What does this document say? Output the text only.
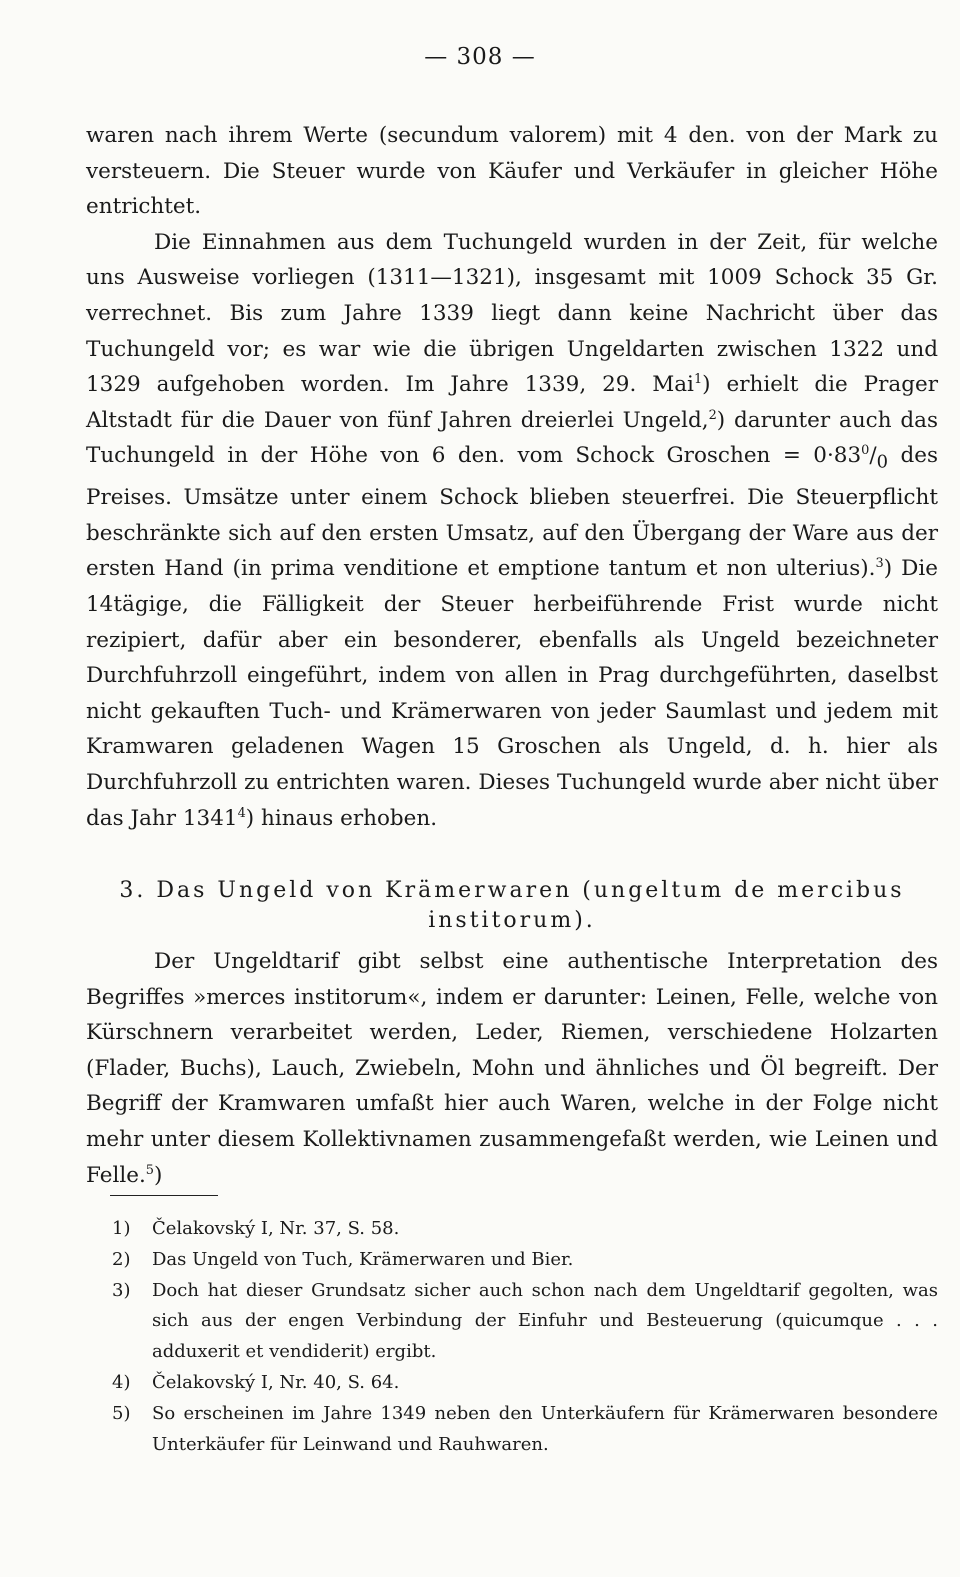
— 308 —

waren nach ihrem Werte (secundum valorem) mit 4 den. von der Mark zu versteuern. Die Steuer wurde von Käufer und Verkäufer in gleicher Höhe entrichtet.

Die Einnahmen aus dem Tuchungeld wurden in der Zeit, für welche uns Ausweise vorliegen (1311—1321), insgesamt mit 1009 Schock 35 Gr. verrechnet. Bis zum Jahre 1339 liegt dann keine Nachricht über das Tuchungeld vor; es war wie die übrigen Ungeldarten zwischen 1322 und 1329 aufgehoben worden. Im Jahre 1339, 29. Mai$^1$) erhielt die Prager Altstadt für die Dauer von fünf Jahren dreierlei Ungeld,$^2$) darunter auch das Tuchungeld in der Höhe von 6 den. vom Schock Groschen = $0\cdot 83^0/_0$ des Preises. Umsätze unter einem Schock blieben steuerfrei. Die Steuerpflicht beschränkte sich auf den ersten Umsatz, auf den Übergang der Ware aus der ersten Hand (in prima venditione et emptione tantum et non ulterius).$^3$) Die 14tägige, die Fälligkeit der Steuer herbeiführende Frist wurde nicht rezipiert, dafür aber ein besonderer, ebenfalls als Ungeld bezeichneter Durchfuhrzoll eingeführt, indem von allen in Prag durchgeführten, daselbst nicht gekauften Tuch- und Krämerwaren von jeder Saumlast und jedem mit Kramwaren geladenen Wagen 15 Groschen als Ungeld, d. h. hier als Durchfuhrzoll zu entrichten waren. Dieses Tuchungeld wurde aber nicht über das Jahr 1341$^4$) hinaus erhoben.

3. Das Ungeld von Krämerwaren (ungeltum de mercibus institorum).

Der Ungeldtarif gibt selbst eine authentische Interpretation des Begriffes »merces institorum«, indem er darunter: Leinen, Felle, welche von Kürschnern verarbeitet werden, Leder, Riemen, verschiedene Holzarten (Flader, Buchs), Lauch, Zwiebeln, Mohn und ähnliches und Öl begreift. Der Begriff der Kramwaren umfaßt hier auch Waren, welche in der Folge nicht mehr unter diesem Kollektivnamen zusammengefaßt werden, wie Leinen und Felle.$^5$)

1) Čelakovský I, Nr. 37, S. 58.
2) Das Ungeld von Tuch, Krämerwaren und Bier.
3) Doch hat dieser Grundsatz sicher auch schon nach dem Ungeldtarif gegolten, was sich aus der engen Verbindung der Einfuhr und Besteuerung (quicumque . . . adduxerit et vendiderit) ergibt.
4) Čelakovský I, Nr. 40, S. 64.
5) So erscheinen im Jahre 1349 neben den Unterkäufern für Krämerwaren besondere Unterkäufer für Leinwand und Rauhwaren.
